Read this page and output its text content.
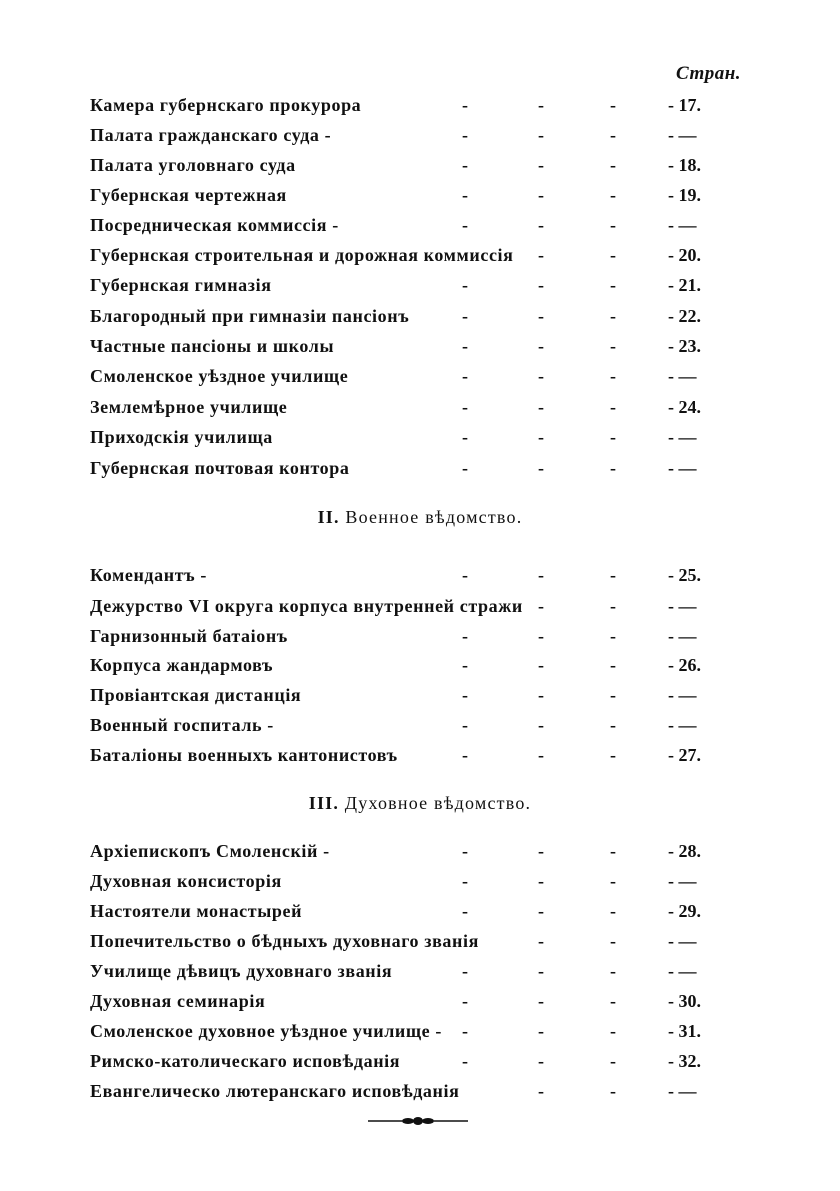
Стран.
Камера губернскаго прокурора	-	-	-	- 17.
Палата гражданскаго суда -	-	-	-	- —
Палата уголовнаго суда	-	-	-	- 18.
Губернская чертежная	-	-	-	- 19.
Посредническая коммиссія -	-	-	-	- —
Губернская строительная и дорожная коммиссія -	-	- 20.
Губернская гимназія	-	-	-	- 21.
Благородный при гимназіи пансіонъ	-	-	-	- 22.
Частные пансіоны и школы	-	-	-	- 23.
Смоленское уѣздное училище	-	-	-	- —
Землемѣрное училище	-	-	-	- 24.
Приходскія училища	-	-	-	- —
Губернская почтовая контора	-	-	-	- —
II. Военное вѣдомство.
Комендантъ -	-	-	-	- 25.
Дежурство VI округа корпуса внутренней стражи -	-	- —
Гарнизонный батаіонъ	-	-	-	- —
Корпуса жандармовъ	-	-	-	- 26.
Провіантская дистанція	-	-	-	- —
Военный госпиталь -	-	-	-	- —
Баталіоны военныхъ кантонистовъ	-	-	-	- 27.
III. Духовное вѣдомство.
Архіепископъ Смоленскій -	-	-	-	- 28.
Духовная консисторія	-	-	-	- —
Настоятели монастырей	-	-	-	- 29.
Попечительство о бѣдныхъ духовнаго званія	-	-	- —
Училище дѣвицъ духовнаго званія	-	-	-	- —
Духовная семинарія	-	-	-	- 30.
Смоленское духовное уѣздное училище - -	-	-	- 31.
Римско-католическаго исповѣданія	-	-	-	- 32.
Евангелическо лютеранскаго исповѣданія	-	-	- —
